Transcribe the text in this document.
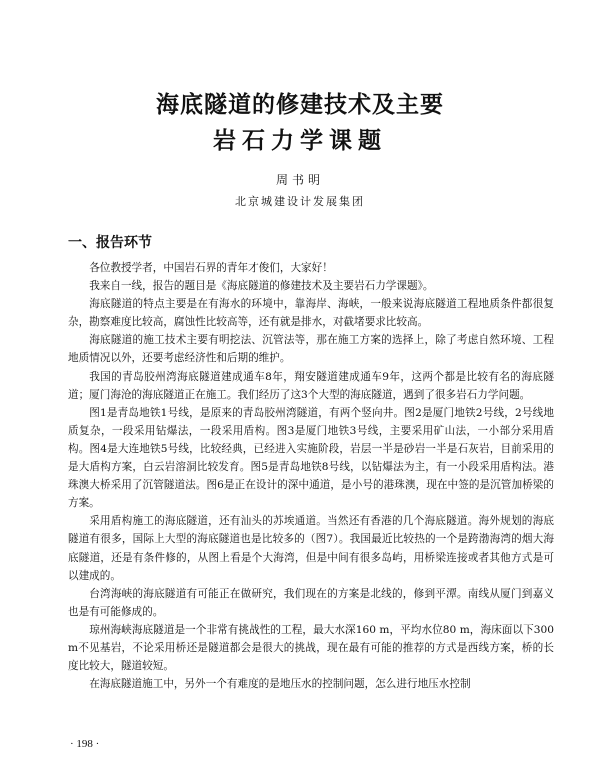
海底隧道的修建技术及主要
岩石力学课题
周书明
北京城建设计发展集团
一、报告环节

各位教授学者，中国岩石界的青年才俊们，大家好！

我来自一线，报告的题目是《海底隧道的修建技术及主要岩石力学课题》。

海底隧道的特点主要是在有海水的环境中，靠海岸、海峡，一般来说海底隧道工程地质条件都很复杂，勘察难度比较高，腐蚀性比较高等，还有就是排水，对截堵要求比较高。

海底隧道的施工技术主要有明挖法、沉管法等，那在施工方案的选择上，除了考虑自然环境、工程地质情况以外，还要考虑经济性和后期的维护。

我国的青岛胶州湾海底隧道建成通车8年，翔安隧道建成通车9年，这两个都是比较有名的海底隧道；厦门海沧的海底隧道正在施工。我们经历了这3个大型的海底隧道，遇到了很多岩石力学问题。

图1是青岛地铁1号线，是原来的青岛胶州湾隧道，有两个竖向井。图2是厦门地铁2号线，2号线地质复杂，一段采用钻爆法，一段采用盾构。图3是厦门地铁3号线，主要采用矿山法，一小部分采用盾构。图4是大连地铁5号线，比较经典，已经进入实施阶段，岩层一半是砂岩一半是石灰岩，目前采用的是大盾构方案，白云岩溶洞比较发育。图5是青岛地铁8号线，以钻爆法为主，有一小段采用盾构法。港珠澳大桥采用了沉管隧道法。图6是正在设计的深中通道，是小号的港珠澳，现在中签的是沉管加桥梁的方案。

采用盾构施工的海底隧道，还有汕头的苏埃通道。当然还有香港的几个海底隧道。海外规划的海底隧道有很多，国际上大型的海底隧道也是比较多的（图7）。我国最近比较热的一个是跨渤海湾的烟大海底隧道，还是有条件修的，从图上看是个大海湾，但是中间有很多岛屿，用桥梁连接或者其他方式是可以建成的。

台湾海峡的海底隧道有可能正在做研究，我们现在的方案是北线的，修到平潭。南线从厦门到嘉义也是有可能修成的。

琼州海峡海底隧道是一个非常有挑战性的工程，最大水深160 m，平均水位80 m，海床面以下300 m不见基岩，不论采用桥还是隧道都会是很大的挑战，现在最有可能的推荐的方式是西线方案，桥的长度比较大，隧道较短。

在海底隧道施工中，另外一个有难度的是地压水的控制问题，怎么进行地压水控制

· 198 ·
